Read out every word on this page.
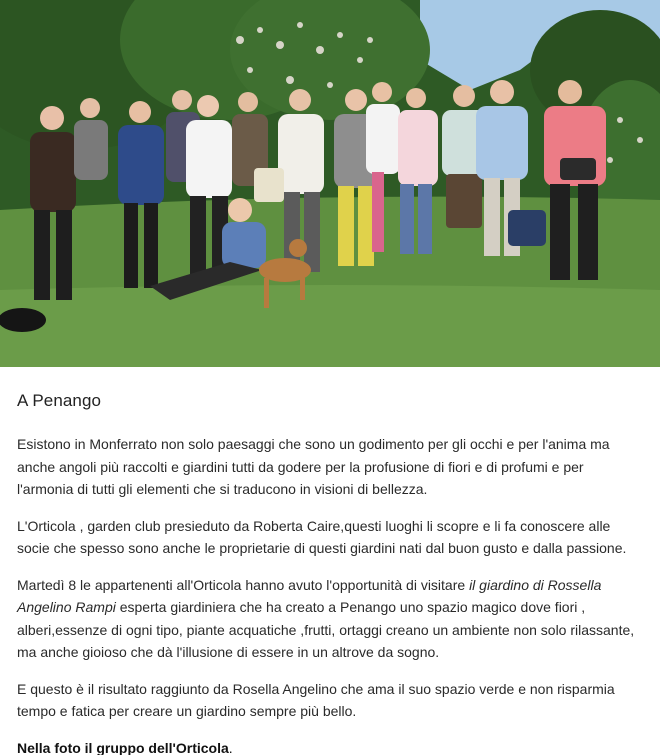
A Penango

Esistono in Monferrato non solo paesaggi che sono un godimento per gli occhi e per l'anima ma anche angoli più raccolti e giardini tutti da godere per la profusione di fiori e di profumi e per l'armonia di tutti gli elementi che si traducono in visioni di bellezza.

L'Orticola , garden club presieduto da Roberta Caire,questi luoghi li scopre e li fa conoscere alle socie che spesso sono anche le proprietarie di questi giardini nati dal buon gusto e dalla passione.

Martedì 8 le appartenenti all'Orticola hanno avuto l'opportunità di visitare il giardino di Rossella Angelino Rampi esperta giardiniera che ha creato a Penango uno spazio magico dove fiori , alberi,essenze di ogni tipo, piante acquatiche ,frutti, ortaggi creano un ambiente non solo rilassante, ma anche gioioso che dà l'illusione di essere in un altrove da sogno.

E questo è il risultato raggiunto da Rosella Angelino che ama il suo spazio verde e non risparmia tempo e fatica per creare un giardino sempre più bello.

Nella foto il gruppo dell'Orticola.
